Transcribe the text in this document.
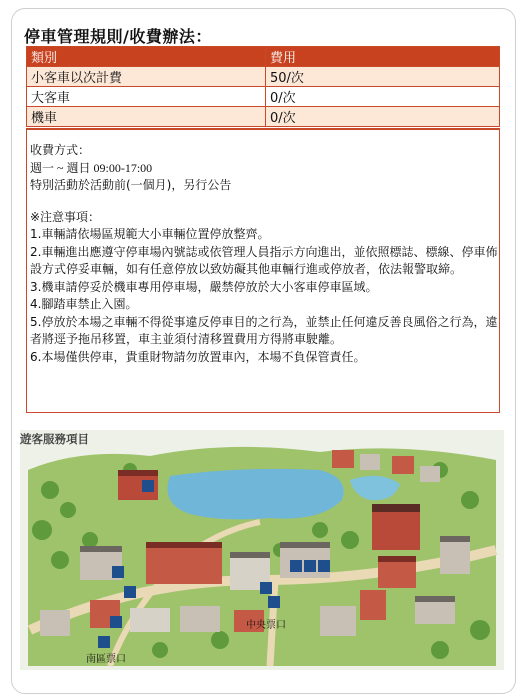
停車管理規則/收費辦法：
類別	費用
小客車以次計費	50/次
大客車	0/次
機車	0/次

收費方式：

週一 ~ 週日 09:00-17:00

特別活動於活動前(一個月)，另行公告

※注意事項：

1.車輛請依場區規範大小車輛位置停放整齊。
2.車輛進出應遵守停車場內號誌或依管理人員指示方向進出，並依照標誌、標線、停車佈設方式停妥車輛，如有任意停放以致妨礙其他車輛行進或停放者，依法報警取締。
3.機車請停妥於機車專用停車場，嚴禁停放於大小客車停車區域。
4.腳踏車禁止入園。
5.停放於本場之車輛不得從事違反停車目的之行為，並禁止任何違反善良風俗之行為，違者將逕予拖吊移置，車主並須付清移置費用方得將車駛離。
6.本場僅供停車，貴重財物請勿放置車內，本場不負保管責任。
中央票口
南區票口
遊客服務項目
